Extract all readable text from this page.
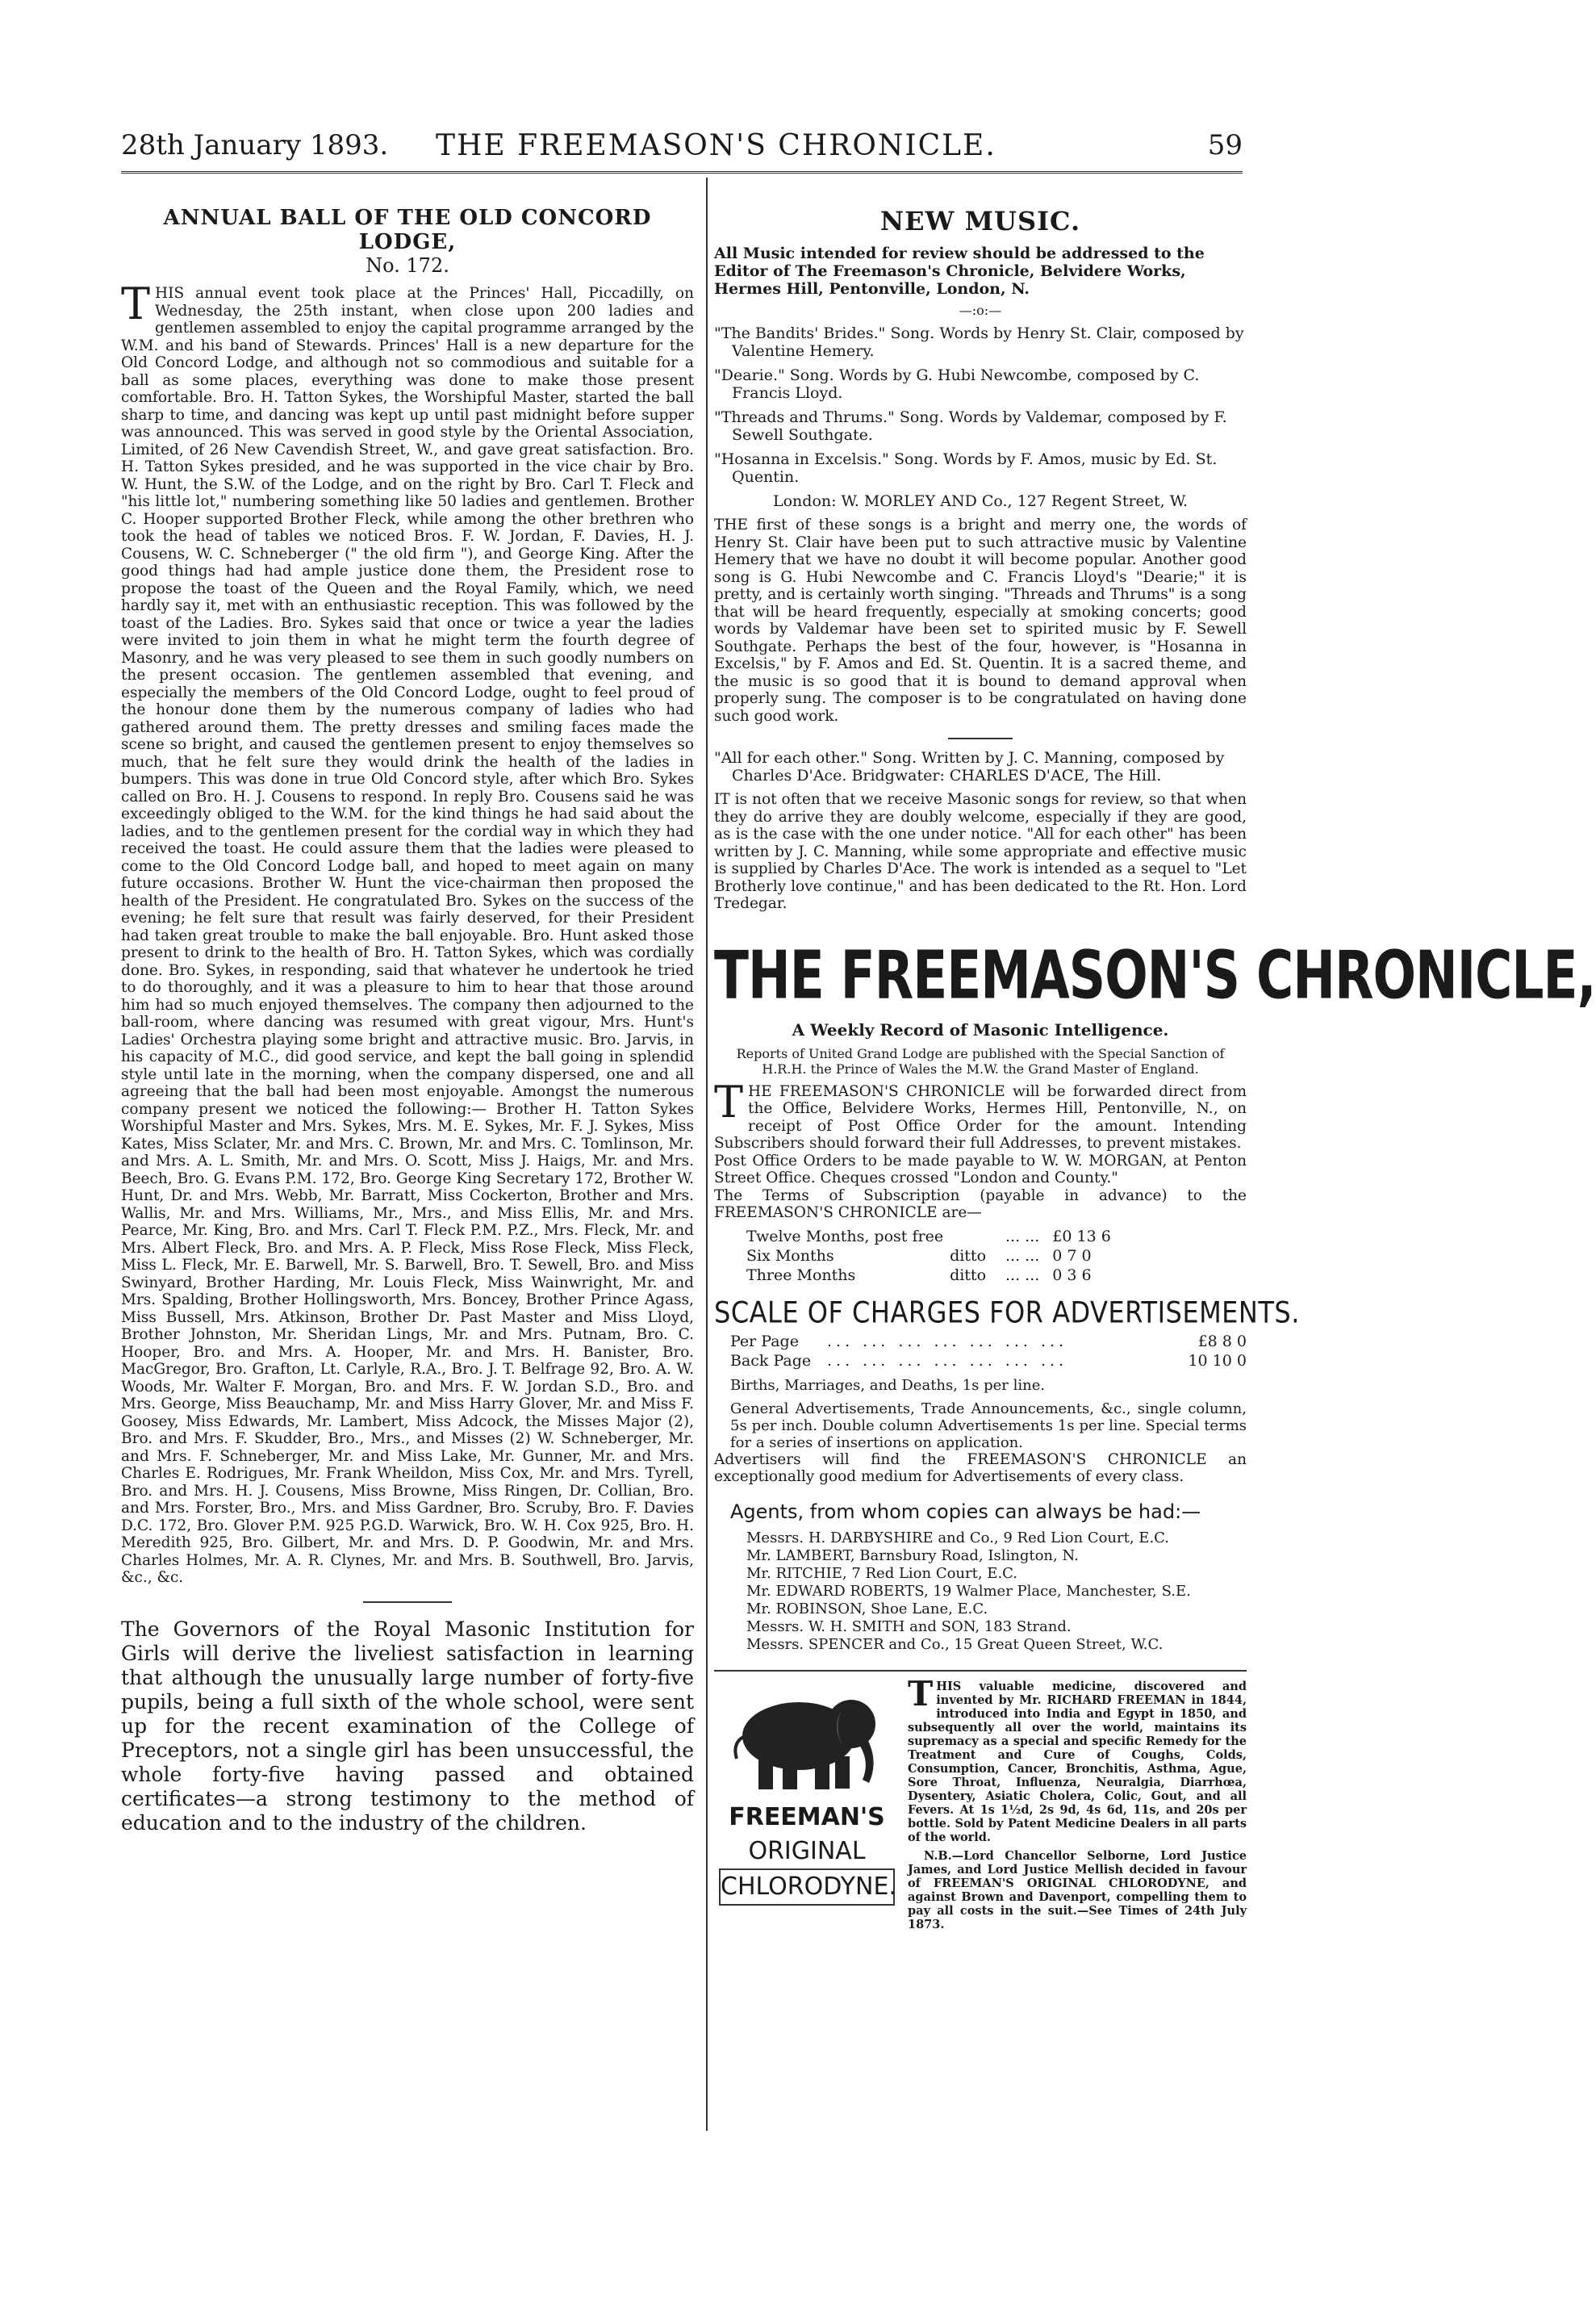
28th January 1893. THE FREEMASON'S CHRONICLE.	59
ANNUAL BALL OF THE OLD CONCORD LODGE,
No. 172.

THIS annual event took place at the Princes' Hall, Piccadilly, on Wednesday, the 25th instant, when close upon 200 ladies and gentlemen assembled to enjoy the capital programme arranged by the W.M. and his band of Stewards. Princes' Hall is a new departure for the Old Concord Lodge, and although not so commodious and suitable for a ball as some places, everything was done to make those present comfortable. Bro. H. Tatton Sykes, the Worshipful Master, started the ball sharp to time, and dancing was kept up until past midnight before supper was announced. This was served in good style by the Oriental Association, Limited, of 26 New Cavendish Street, W., and gave great satisfaction. Bro. H. Tatton Sykes presided, and he was supported in the vice chair by Bro. W. Hunt, the S.W. of the Lodge, and on the right by Bro. Carl T. Fleck and "his little lot," numbering something like 50 ladies and gentlemen. Brother C. Hooper supported Brother Fleck, while among the other brethren who took the head of tables we noticed Bros. F. W. Jordan, F. Davies, H. J. Cousens, W. C. Schneberger (" the old firm "), and George King. After the good things had had ample justice done them, the President rose to propose the toast of the Queen and the Royal Family, which, we need hardly say it, met with an enthusiastic reception. This was followed by the toast of the Ladies. Bro. Sykes said that once or twice a year the ladies were invited to join them in what he might term the fourth degree of Masonry, and he was very pleased to see them in such goodly numbers on the present occasion. The gentlemen assembled that evening, and especially the members of the Old Concord Lodge, ought to feel proud of the honour done them by the numerous company of ladies who had gathered around them. The pretty dresses and smiling faces made the scene so bright, and caused the gentlemen present to enjoy themselves so much, that he felt sure they would drink the health of the ladies in bumpers. This was done in true Old Concord style, after which Bro. Sykes called on Bro. H. J. Cousens to respond. In reply Bro. Cousens said he was exceedingly obliged to the W.M. for the kind things he had said about the ladies, and to the gentlemen present for the cordial way in which they had received the toast. He could assure them that the ladies were pleased to come to the Old Concord Lodge ball, and hoped to meet again on many future occasions. Brother W. Hunt the vice-chairman then proposed the health of the President. He congratulated Bro. Sykes on the success of the evening; he felt sure that result was fairly deserved, for their President had taken great trouble to make the ball enjoyable. Bro. Hunt asked those present to drink to the health of Bro. H. Tatton Sykes, which was cordially done. Bro. Sykes, in responding, said that whatever he undertook he tried to do thoroughly, and it was a pleasure to him to hear that those around him had so much enjoyed themselves. The company then adjourned to the ball-room, where dancing was resumed with great vigour, Mrs. Hunt's Ladies' Orchestra playing some bright and attractive music. Bro. Jarvis, in his capacity of M.C., did good service, and kept the ball going in splendid style until late in the morning, when the company dispersed, one and all agreeing that the ball had been most enjoyable. Amongst the numerous company present we noticed the following:— Brother H. Tatton Sykes Worshipful Master and Mrs. Sykes, Mrs. M. E. Sykes, Mr. F. J. Sykes, Miss Kates, Miss Sclater, Mr. and Mrs. C. Brown, Mr. and Mrs. C. Tomlinson, Mr. and Mrs. A. L. Smith, Mr. and Mrs. O. Scott, Miss J. Haigs, Mr. and Mrs. Beech, Bro. G. Evans P.M. 172, Bro. George King Secretary 172, Brother W. Hunt, Dr. and Mrs. Webb, Mr. Barratt, Miss Cockerton, Brother and Mrs. Wallis, Mr. and Mrs. Williams, Mr., Mrs., and Miss Ellis, Mr. and Mrs. Pearce, Mr. King, Bro. and Mrs. Carl T. Fleck P.M. P.Z., Mrs. Fleck, Mr. and Mrs. Albert Fleck, Bro. and Mrs. A. P. Fleck, Miss Rose Fleck, Miss Fleck, Miss L. Fleck, Mr. E. Barwell, Mr. S. Barwell, Bro. T. Sewell, Bro. and Miss Swinyard, Brother Harding, Mr. Louis Fleck, Miss Wainwright, Mr. and Mrs. Spalding, Brother Hollingsworth, Mrs. Boncey, Brother Prince Agass, Miss Bussell, Mrs. Atkinson, Brother Dr. Past Master and Miss Lloyd, Brother Johnston, Mr. Sheridan Lings, Mr. and Mrs. Putnam, Bro. C. Hooper, Bro. and Mrs. A. Hooper, Mr. and Mrs. H. Banister, Bro. MacGregor, Bro. Grafton, Lt. Carlyle, R.A., Bro. J. T. Belfrage 92, Bro. A. W. Woods, Mr. Walter F. Morgan, Bro. and Mrs. F. W. Jordan S.D., Bro. and Mrs. George, Miss Beauchamp, Mr. and Miss Harry Glover, Mr. and Miss F. Goosey, Miss Edwards, Mr. Lambert, Miss Adcock, the Misses Major (2), Bro. and Mrs. F. Skudder, Bro., Mrs., and Misses (2) W. Schneberger, Mr. and Mrs. F. Schneberger, Mr. and Miss Lake, Mr. Gunner, Mr. and Mrs. Charles E. Rodrigues, Mr. Frank Wheildon, Miss Cox, Mr. and Mrs. Tyrell, Bro. and Mrs. H. J. Cousens, Miss Browne, Miss Ringen, Dr. Collian, Bro. and Mrs. Forster, Bro., Mrs. and Miss Gardner, Bro. Scruby, Bro. F. Davies D.C. 172, Bro. Glover P.M. 925 P.G.D. Warwick, Bro. W. H. Cox 925, Bro. H. Meredith 925, Bro. Gilbert, Mr. and Mrs. D. P. Goodwin, Mr. and Mrs. Charles Holmes, Mr. A. R. Clynes, Mr. and Mrs. B. Southwell, Bro. Jarvis, &c., &c.

The Governors of the Royal Masonic Institution for Girls will derive the liveliest satisfaction in learning that although the unusually large number of forty-five pupils, being a full sixth of the whole school, were sent up for the recent examination of the College of Preceptors, not a single girl has been unsuccessful, the whole forty-five having passed and obtained certificates—a strong testimony to the method of education and to the industry of the children.

NEW MUSIC.

All Music intended for review should be addressed to the Editor of The Freemason's Chronicle, Belvidere Works, Hermes Hill, Pentonville, London, N.

—:o:—

"The Bandits' Brides." Song. Words by Henry St. Clair, composed by Valentine Hemery.

"Dearie." Song. Words by G. Hubi Newcombe, composed by C. Francis Lloyd.

"Threads and Thrums." Song. Words by Valdemar, composed by F. Sewell Southgate.

"Hosanna in Excelsis." Song. Words by F. Amos, music by Ed. St. Quentin.

London: W. MORLEY AND Co., 127 Regent Street, W.

THE first of these songs is a bright and merry one, the words of Henry St. Clair have been put to such attractive music by Valentine Hemery that we have no doubt it will become popular. Another good song is G. Hubi Newcombe and C. Francis Lloyd's "Dearie;" it is pretty, and is certainly worth singing. "Threads and Thrums" is a song that will be heard frequently, especially at smoking concerts; good words by Valdemar have been set to spirited music by F. Sewell Southgate. Perhaps the best of the four, however, is "Hosanna in Excelsis," by F. Amos and Ed. St. Quentin. It is a sacred theme, and the music is so good that it is bound to demand approval when properly sung. The composer is to be congratulated on having done such good work.

"All for each other." Song. Written by J. C. Manning, composed by Charles D'Ace. Bridgwater: CHARLES D'ACE, The Hill.

IT is not often that we receive Masonic songs for review, so that when they do arrive they are doubly welcome, especially if they are good, as is the case with the one under notice. "All for each other" has been written by J. C. Manning, while some appropriate and effective music is supplied by Charles D'Ace. The work is intended as a sequel to "Let Brotherly love continue," and has been dedicated to the Rt. Hon. Lord Tredegar.

THE FREEMASON'S CHRONICLE,
A Weekly Record of Masonic Intelligence.
Reports of United Grand Lodge are published with the Special Sanction of H.R.H. the Prince of Wales the M.W. the Grand Master of England.

THE FREEMASON'S CHRONICLE will be forwarded direct from the Office, Belvidere Works, Hermes Hill, Pentonville, N., on receipt of Post Office Order for the amount. Intending Subscribers should forward their full Addresses, to prevent mistakes.

Post Office Orders to be made payable to W. W. MORGAN, at Penton Street Office. Cheques crossed "London and County."

The Terms of Subscription (payable in advance) to the FREEMASON'S CHRONICLE are—

Twelve Months, post free		... ...	£0 13 6
Six Months	ditto	... ...	0 7 0
Three Months	ditto	... ...	0 3 6
SCALE OF CHARGES FOR ADVERTISEMENTS.
Per Page	... ... ... ... ... ... ...	£8 8 0
Back Page	... ... ... ... ... ... ...	10 10 0

Births, Marriages, and Deaths, 1s per line.

General Advertisements, Trade Announcements, &c., single column, 5s per inch. Double column Advertisements 1s per line. Special terms for a series of insertions on application.

Advertisers will find the FREEMASON'S CHRONICLE an exceptionally good medium for Advertisements of every class.

Agents, from whom copies can always be had:—
Messrs. H. DARBYSHIRE and Co., 9 Red Lion Court, E.C.
Mr. LAMBERT, Barnsbury Road, Islington, N.
Mr. RITCHIE, 7 Red Lion Court, E.C.
Mr. EDWARD ROBERTS, 19 Walmer Place, Manchester, S.E.
Mr. ROBINSON, Shoe Lane, E.C.
Messrs. W. H. SMITH and SON, 183 Strand.
Messrs. SPENCER and Co., 15 Great Queen Street, W.C.
FREEMAN'S
ORIGINAL
CHLORODYNE.
THIS valuable medicine, discovered and invented by Mr. RICHARD FREEMAN in 1844, introduced into India and Egypt in 1850, and subsequently all over the world, maintains its supremacy as a special and specific Remedy for the Treatment and Cure of Coughs, Colds, Consumption, Cancer, Bronchitis, Asthma, Ague, Sore Throat, Influenza, Neuralgia, Diarrhœa, Dysentery, Asiatic Cholera, Colic, Gout, and all Fevers. At 1s 1½d, 2s 9d, 4s 6d, 11s, and 20s per bottle. Sold by Patent Medicine Dealers in all parts of the world.
N.B.—Lord Chancellor Selborne, Lord Justice James, and Lord Justice Mellish decided in favour of FREEMAN'S ORIGINAL CHLORODYNE, and against Brown and Davenport, compelling them to pay all costs in the suit.—See Times of 24th July 1873.
